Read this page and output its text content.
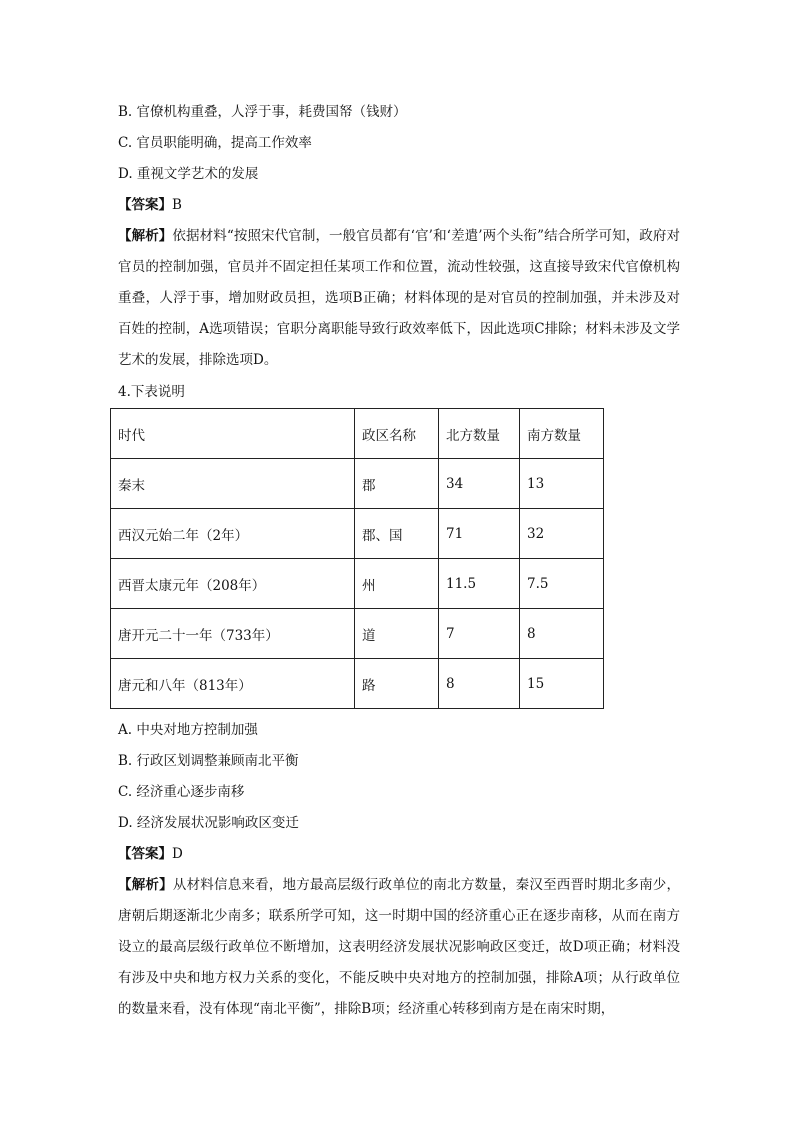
B. 官僚机构重叠，人浮于事，耗费国帑（钱财）
C. 官员职能明确，提高工作效率
D. 重视文学艺术的发展
【答案】B
【解析】依据材料“按照宋代官制，一般官员都有‘官’和‘差遣’两个头衔”结合所学可知，政府对官员的控制加强，官员并不固定担任某项工作和位置，流动性较强，这直接导致宋代官僚机构重叠，人浮于事，增加财政员担，选项B正确；材料体现的是对官员的控制加强，并未涉及对百姓的控制，A选项错误；官职分离职能导致行政效率低下，因此选项C排除；材料未涉及文学艺术的发展，排除选项D。
4.下表说明
时代	政区名称	北方数量	南方数量
秦末	郡	34	13
西汉元始二年（2年）	郡、国	71	32
西晋太康元年（208年）	州	11.5	7.5
唐开元二十一年（733年）	道	7	8
唐元和八年（813年）	路	8	15
A. 中央对地方控制加强
B. 行政区划调整兼顾南北平衡
C. 经济重心逐步南移
D. 经济发展状况影响政区变迁
【答案】D
【解析】从材料信息来看，地方最高层级行政单位的南北方数量，秦汉至西晋时期北多南少，唐朝后期逐渐北少南多；联系所学可知，这一时期中国的经济重心正在逐步南移，从而在南方设立的最高层级行政单位不断增加，这表明经济发展状况影响政区变迁，故D项正确；材料没有涉及中央和地方权力关系的变化，不能反映中央对地方的控制加强，排除A项；从行政单位的数量来看，没有体现“南北平衡”，排除B项；经济重心转移到南方是在南宋时期，
